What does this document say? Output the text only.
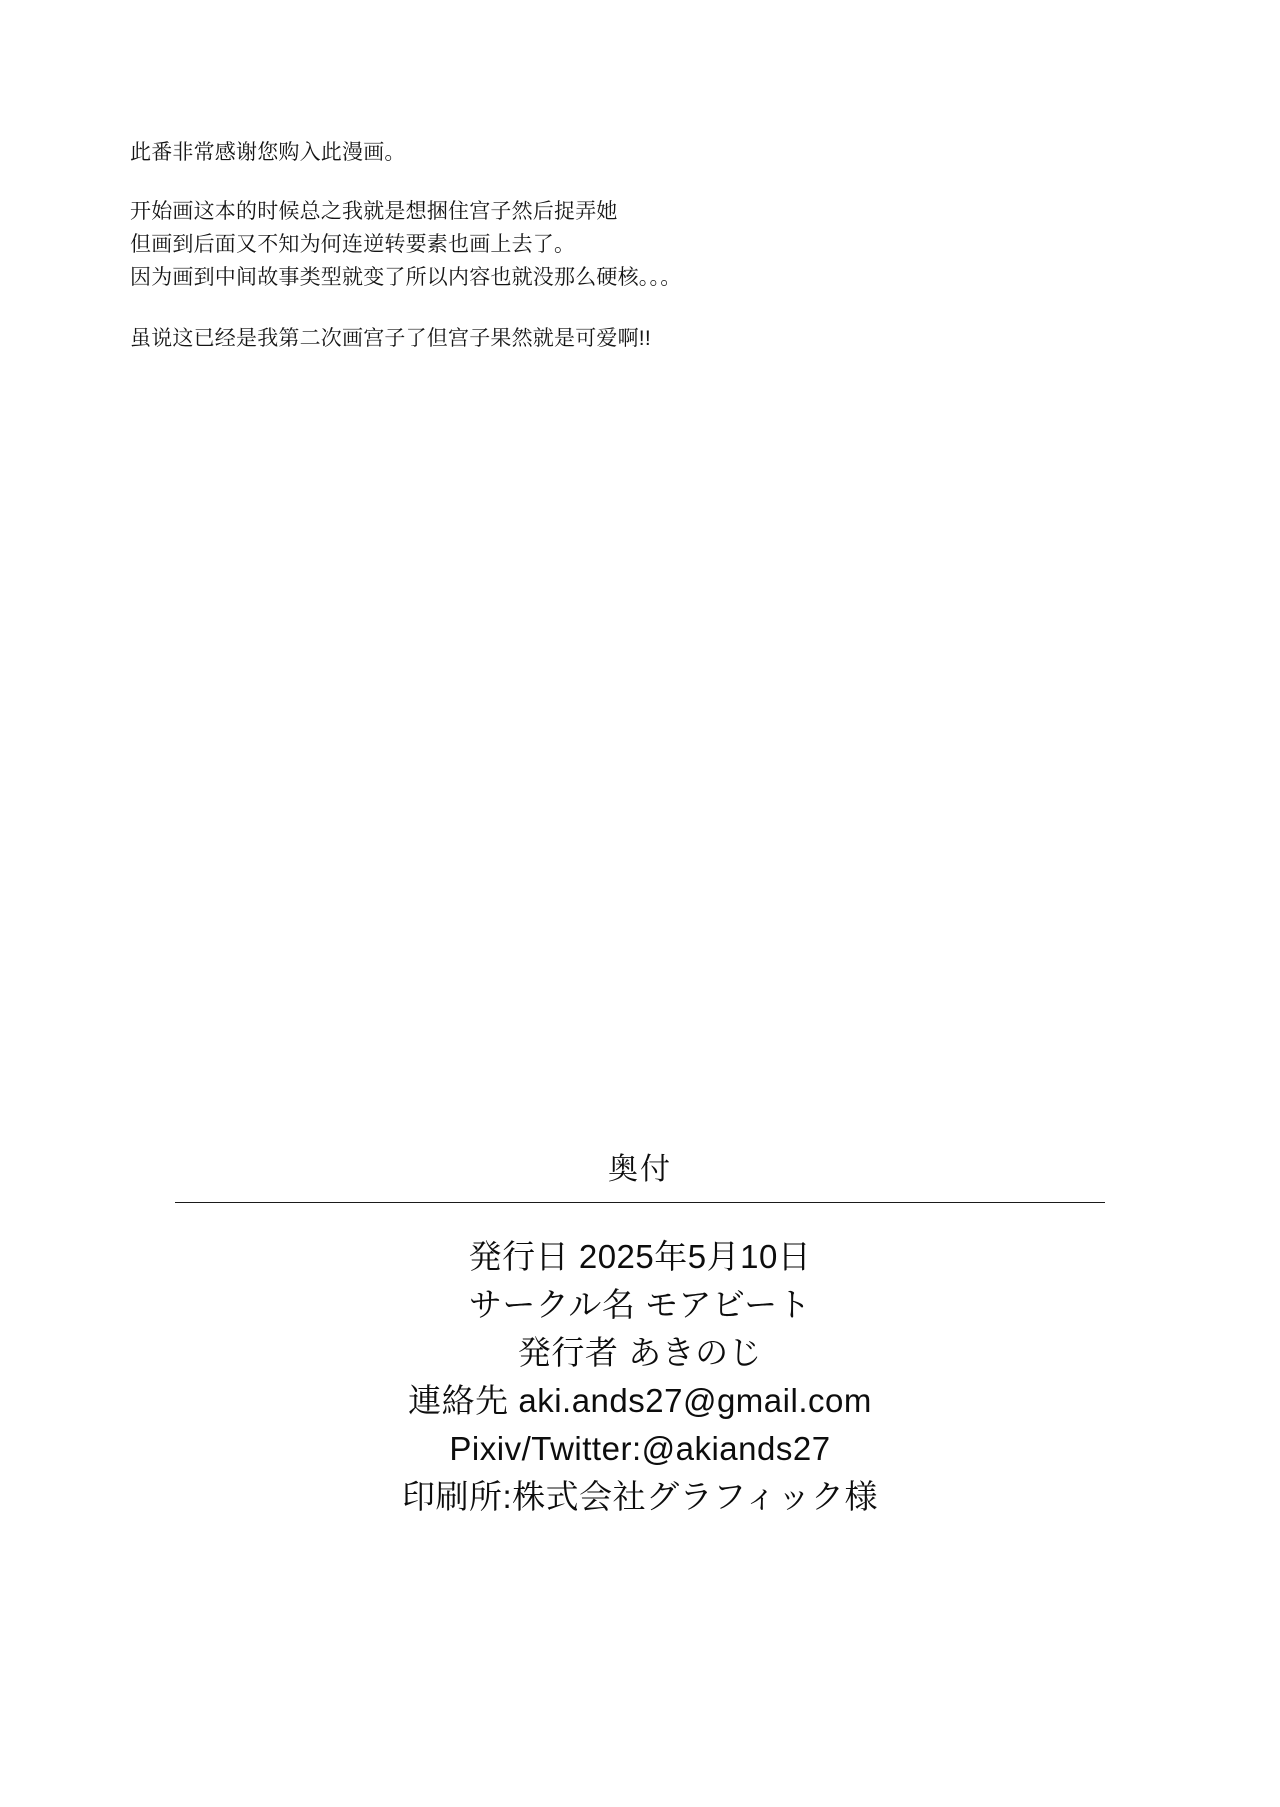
此番非常感谢您购入此漫画。

开始画这本的时候总之我就是想捆住宫子然后捉弄她

但画到后面又不知为何连逆转要素也画上去了。

因为画到中间故事类型就变了所以内容也就没那么硬核。。。

虽说这已经是我第二次画宫子了但宫子果然就是可爱啊!!

奥付
発行日 2025年5月10日
サークル名 モアビート
発行者 あきのじ
連絡先 aki.ands27@gmail.com
Pixiv/Twitter:@akiands27
印刷所:株式会社グラフィック様
